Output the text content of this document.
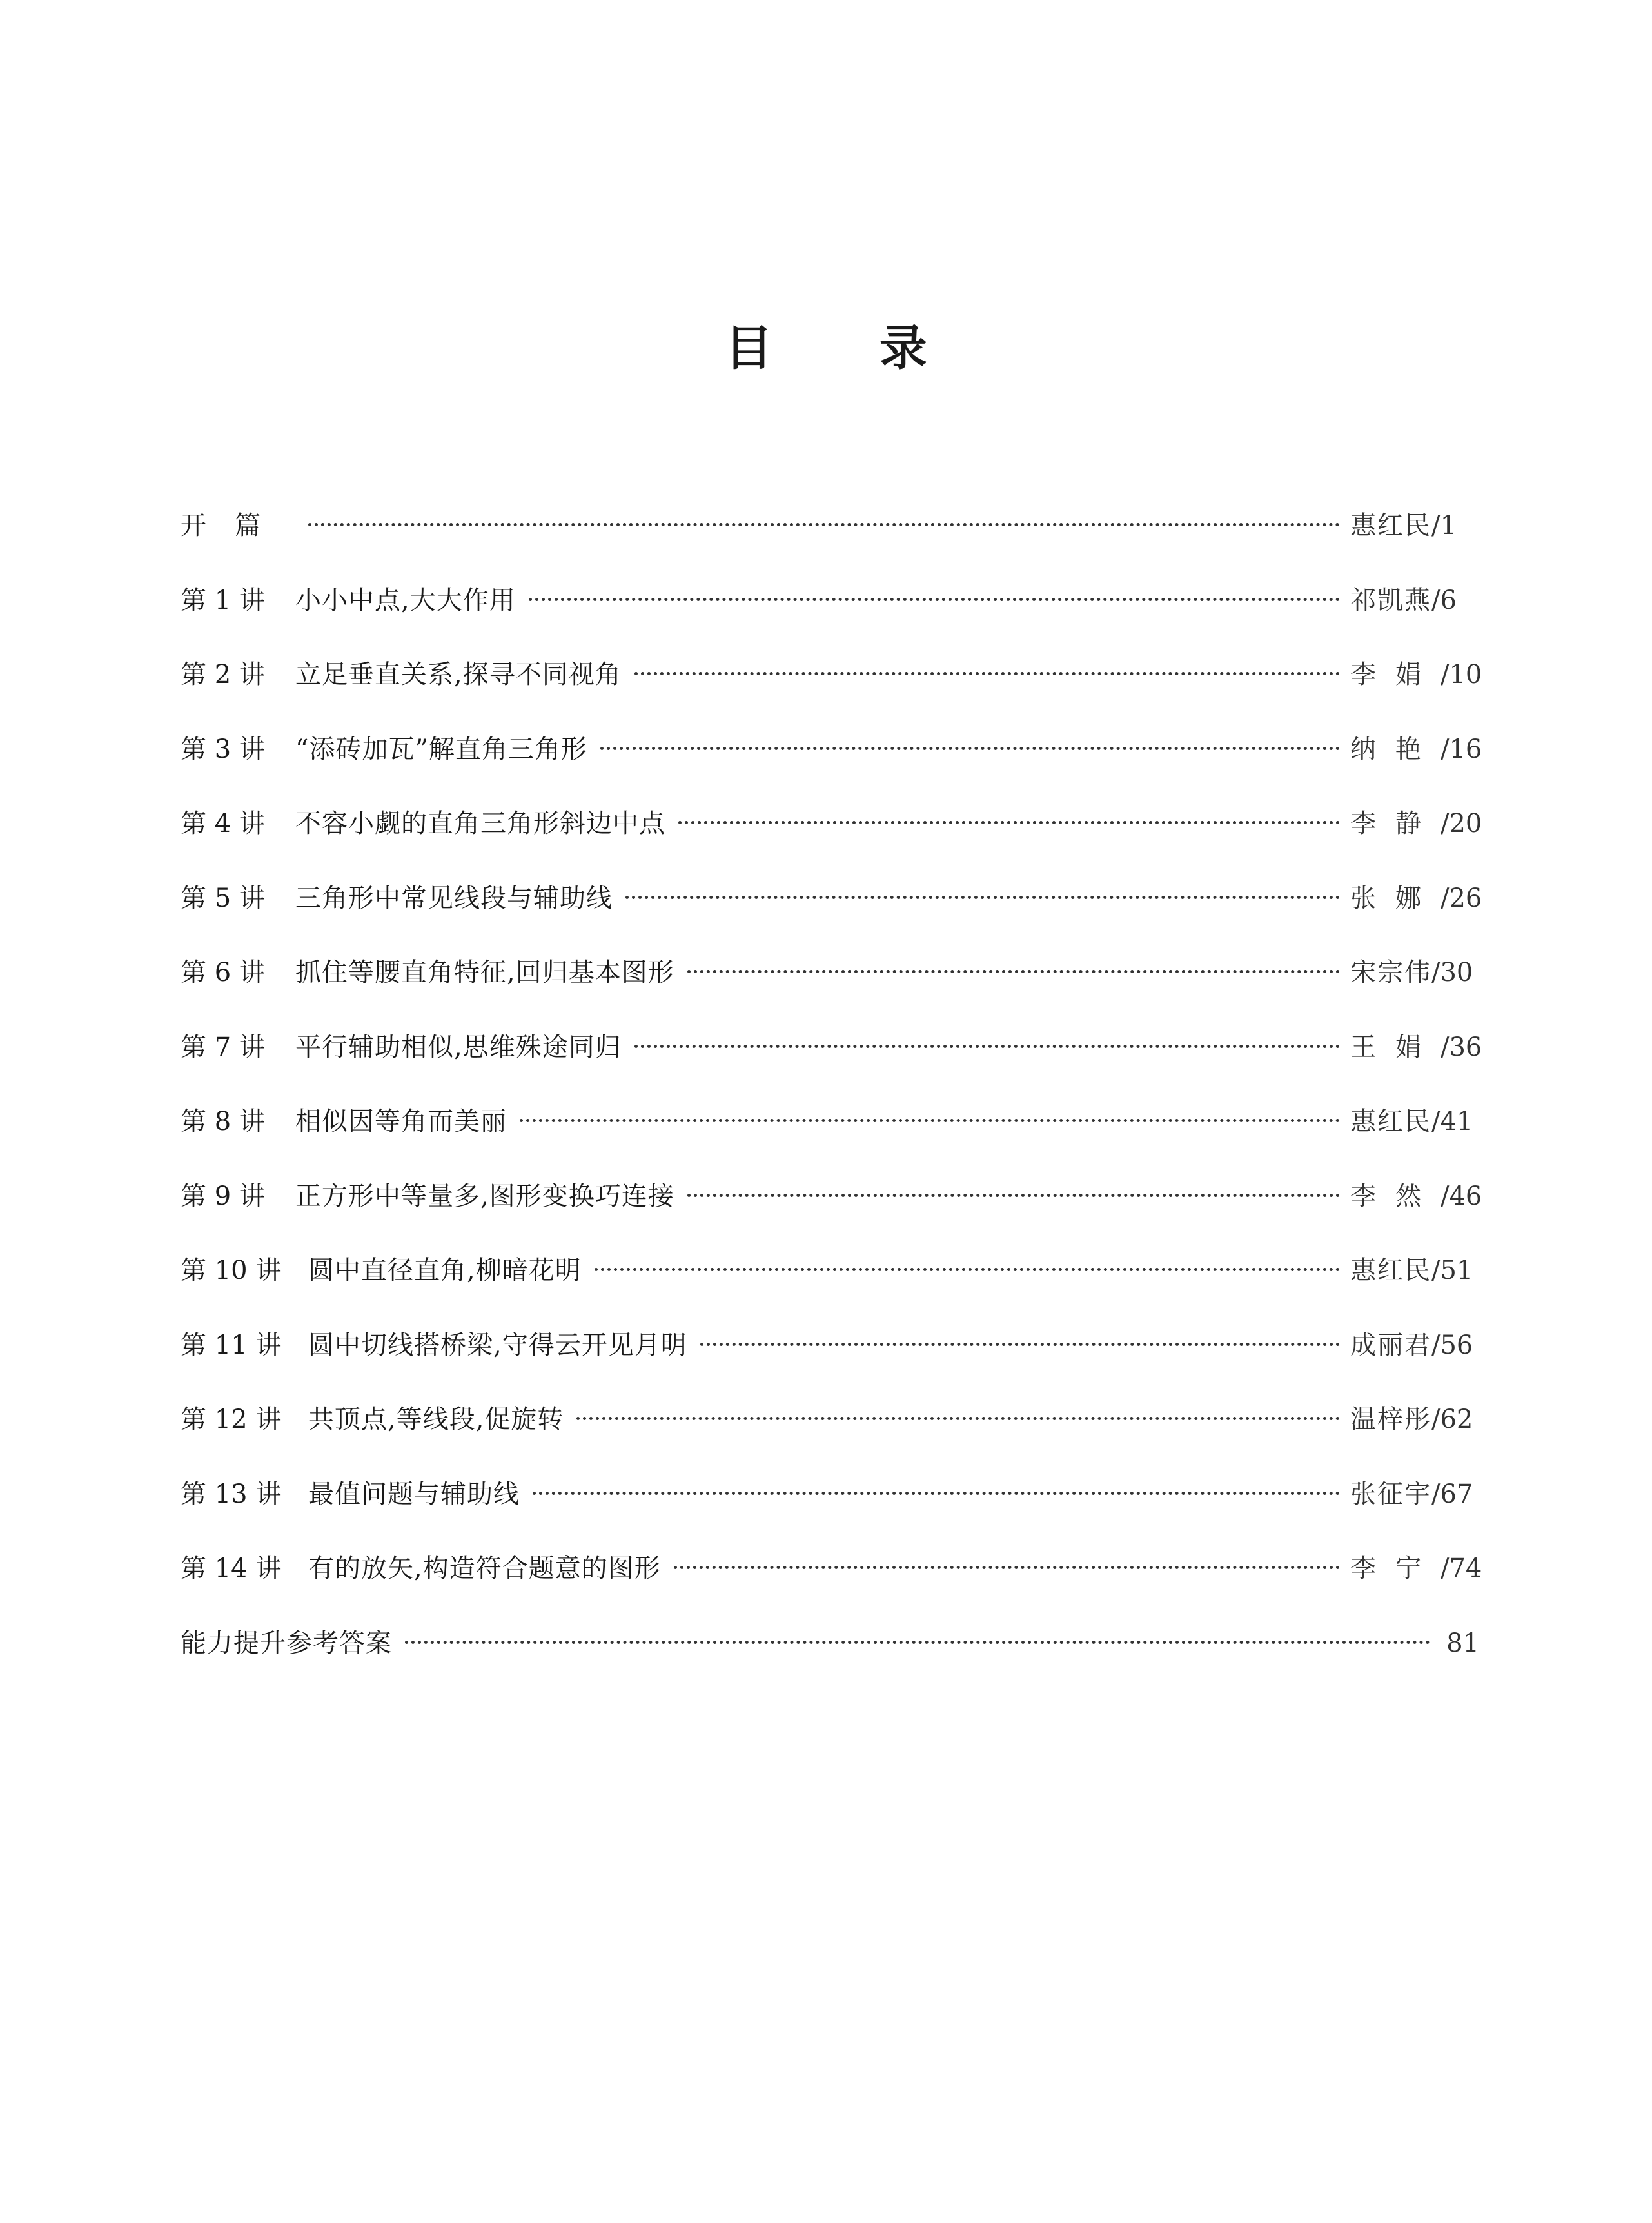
目 录
开篇	惠红民 /1
第 1 讲	小小中点,大大作用	祁凯燕 /6
第 2 讲	立足垂直关系,探寻不同视角	李娟 /10
第 3 讲	“添砖加瓦”解直角三角形	纳艳 /16
第 4 讲	不容小觑的直角三角形斜边中点	李静 /20
第 5 讲	三角形中常见线段与辅助线	张娜 /26
第 6 讲	抓住等腰直角特征,回归基本图形	宋宗伟 /30
第 7 讲	平行辅助相似,思维殊途同归	王娟 /36
第 8 讲	相似因等角而美丽	惠红民 /41
第 9 讲	正方形中等量多,图形变换巧连接	李然 /46
第 10 讲	圆中直径直角,柳暗花明	惠红民 /51
第 11 讲	圆中切线搭桥梁,守得云开见月明	成丽君 /56
第 12 讲	共顶点,等线段,促旋转	温梓彤 /62
第 13 讲	最值问题与辅助线	张征宇 /67
第 14 讲	有的放矢,构造符合题意的图形	李宁 /74
能力提升参考答案	81
